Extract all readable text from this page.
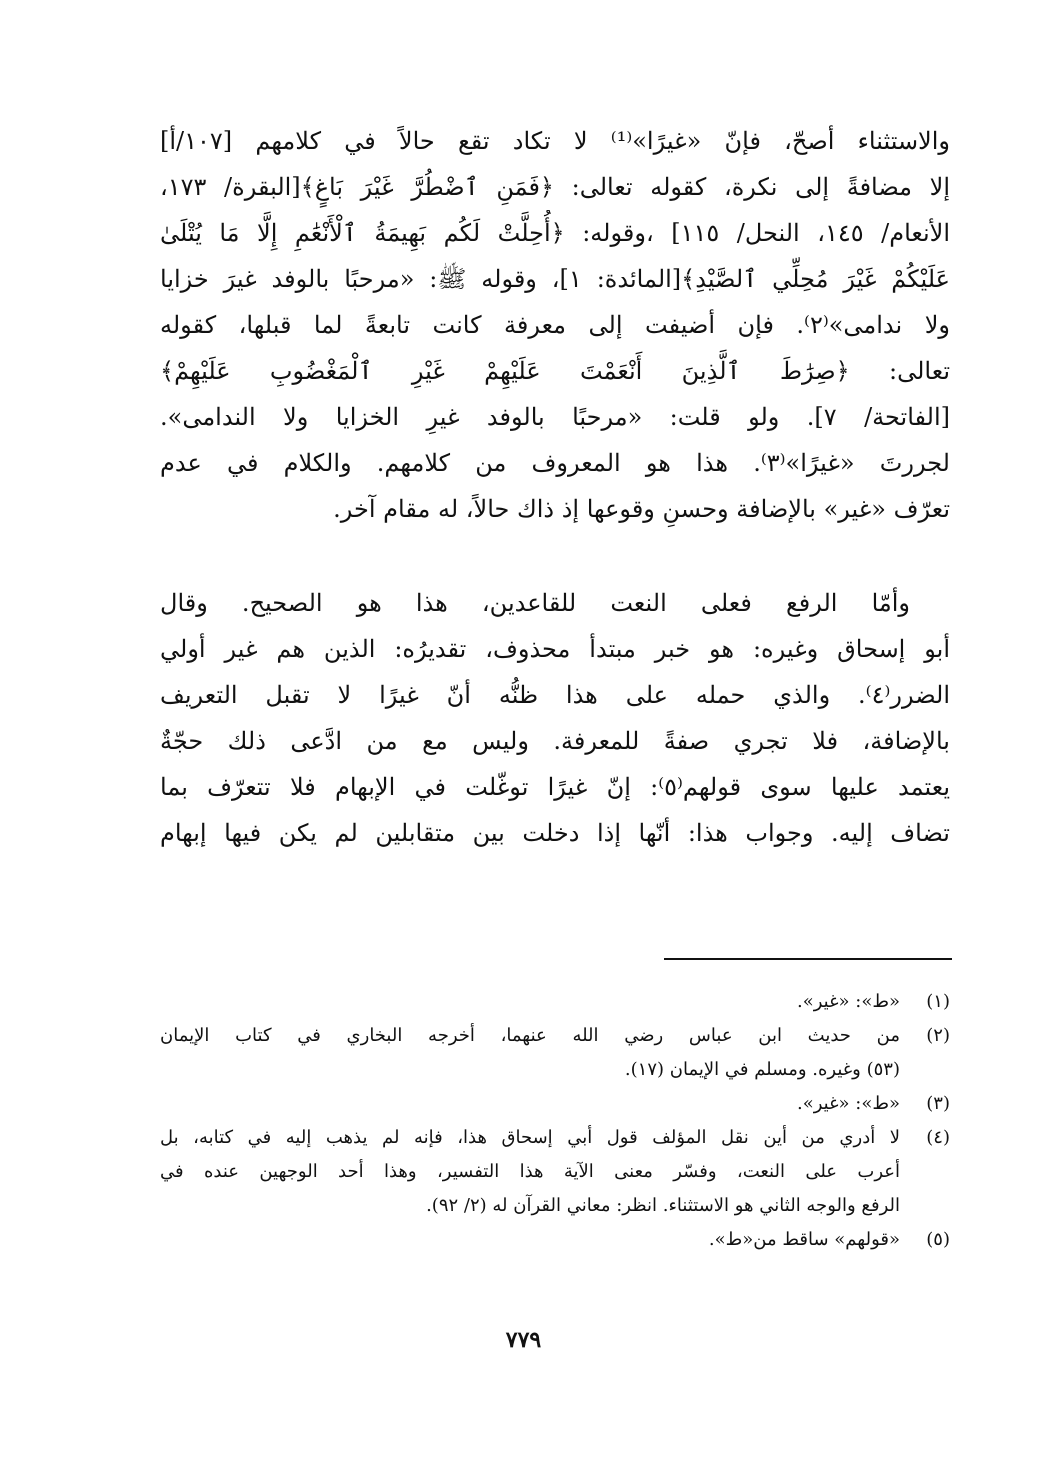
والاستثناء أصحّ، فإنّ «غيرًا»⁽¹⁾ لا تكاد تقع حالاً في كلامهم [١٠٧/أ]
إلا مضافةً إلى نكرة، كقوله تعالى: ﴿فَمَنِ ٱضْطُرَّ غَيْرَ بَاغٍ﴾[البقرة/ ١٧٣،
الأنعام/ ١٤٥، النحل/ ١١٥] ،وقوله: ﴿أُحِلَّتْ لَكُم بَهِيمَةُ ٱلْأَنْعَٰمِ إِلَّا مَا يُتْلَىٰ
عَلَيْكُمْ غَيْرَ مُحِلِّي ٱلصَّيْدِ﴾[المائدة: ١]، وقوله ﷺ: «مرحبًا بالوفد غيرَ خزايا
ولا ندامى»⁽٢⁾. فإن أضيفت إلى معرفة كانت تابعةً لما قبلها، كقوله
تعالى: ﴿صِرَٰطَ ٱلَّذِينَ أَنْعَمْتَ عَلَيْهِمْ غَيْرِ ٱلْمَغْضُوبِ عَلَيْهِمْ﴾
[الفاتحة/ ٧]. ولو قلت: «مرحبًا بالوفد غيرِ الخزايا ولا الندامى».
لجررتَ «غيرًا»⁽٣⁾. هذا هو المعروف من كلامهم. والكلام في عدم
تعرّف «غير» بالإضافة وحسنِ وقوعها إذ ذاك حالاً، له مقام آخر.
وأمّا الرفع فعلى النعت للقاعدين، هذا هو الصحيح. وقال
أبو إسحاق وغيره: هو خبر مبتدأ محذوف، تقديرُه: الذين هم غير أولي
الضرر⁽٤⁾. والذي حمله على هذا ظنُّه أنّ غيرًا لا تقبل التعريف
بالإضافة، فلا تجري صفةً للمعرفة. وليس مع من ادَّعى ذلك حجّةٌ
يعتمد عليها سوى قولهم⁽٥⁾: إنّ غيرًا توغّلت في الإبهام فلا تتعرّف بما
تضاف إليه. وجواب هذا: أنّها إذا دخلت بين متقابلين لم يكن فيها إبهام
(١)
«ط»: «غير».
(٢)
من حديث ابن عباس رضي الله عنهما، أخرجه البخاري في كتاب الإيمان
(٥٣) وغيره. ومسلم في الإيمان (١٧).
(٣)
«ط»: «غير».
(٤)
لا أدري من أين نقل المؤلف قول أبي إسحاق هذا، فإنه لم يذهب إليه في كتابه، بل
أعرب على النعت، وفسّر معنى الآية هذا التفسير، وهذا أحد الوجهين عنده في
الرفع والوجه الثاني هو الاستثناء. انظر: معاني القرآن له (٢/ ٩٢).
(٥)
«قولهم» ساقط من«ط».
٧٧٩
